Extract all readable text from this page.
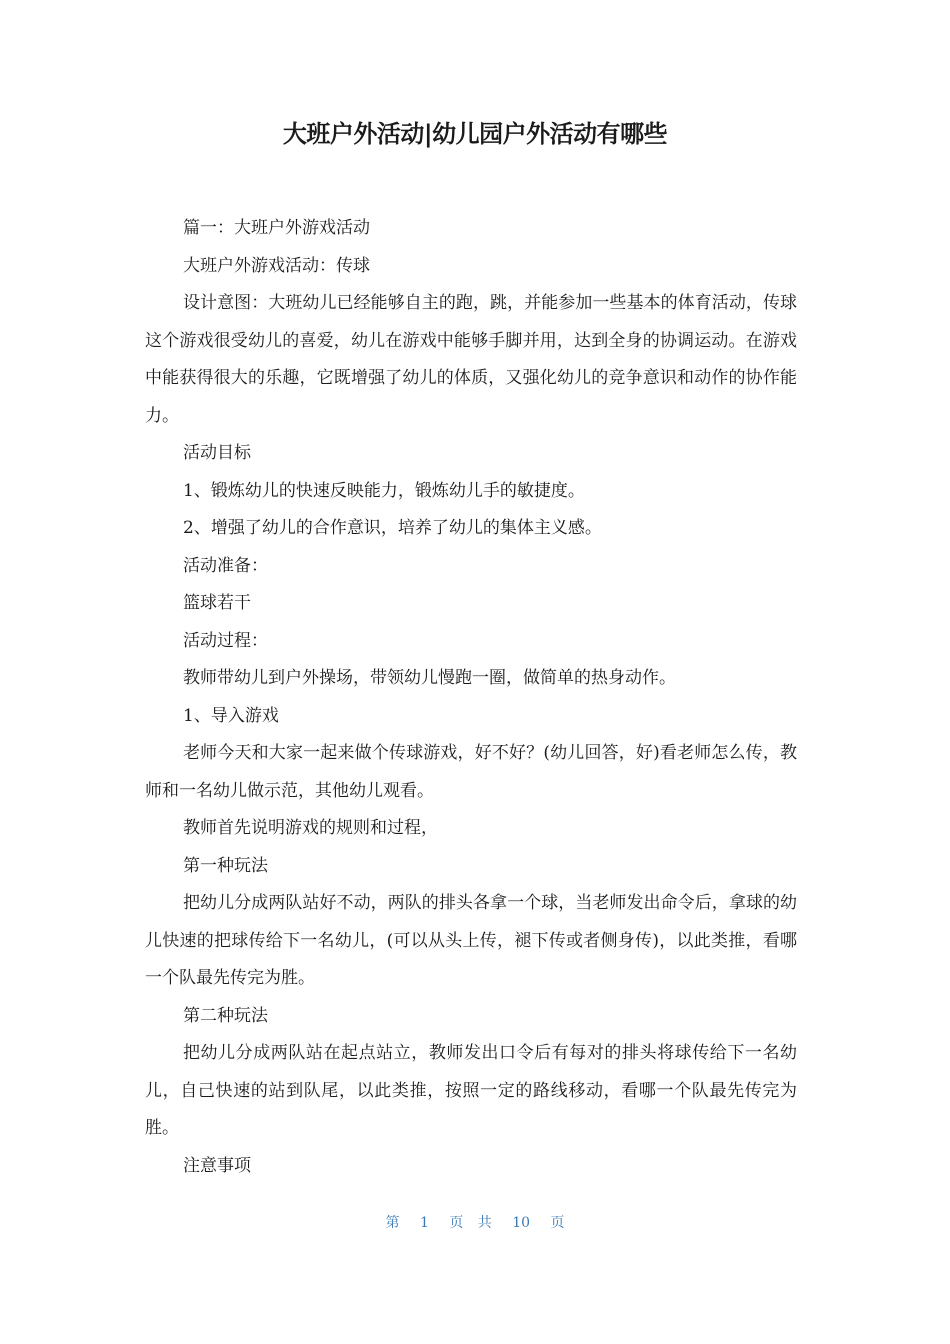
大班户外活动|幼儿园户外活动有哪些

篇一：大班户外游戏活动

大班户外游戏活动：传球

设计意图：大班幼儿已经能够自主的跑，跳，并能参加一些基本的体育活动，传球这个游戏很受幼儿的喜爱，幼儿在游戏中能够手脚并用，达到全身的协调运动。在游戏中能获得很大的乐趣，它既增强了幼儿的体质，又强化幼儿的竞争意识和动作的协作能力。

活动目标

1、锻炼幼儿的快速反映能力，锻炼幼儿手的敏捷度。

2、增强了幼儿的合作意识，培养了幼儿的集体主义感。

活动准备：

篮球若干

活动过程：

教师带幼儿到户外操场，带领幼儿慢跑一圈，做简单的热身动作。

1、导入游戏

老师今天和大家一起来做个传球游戏，好不好？(幼儿回答，好)看老师怎么传，教师和一名幼儿做示范，其他幼儿观看。

教师首先说明游戏的规则和过程，

第一种玩法

把幼儿分成两队站好不动，两队的排头各拿一个球，当老师发出命令后，拿球的幼儿快速的把球传给下一名幼儿，(可以从头上传，褪下传或者侧身传)，以此类推，看哪一个队最先传完为胜。

第二种玩法

把幼儿分成两队站在起点站立，教师发出口令后有每对的排头将球传给下一名幼儿，自己快速的站到队尾，以此类推，按照一定的路线移动，看哪一个队最先传完为胜。

注意事项

第 1 页 共 10 页
